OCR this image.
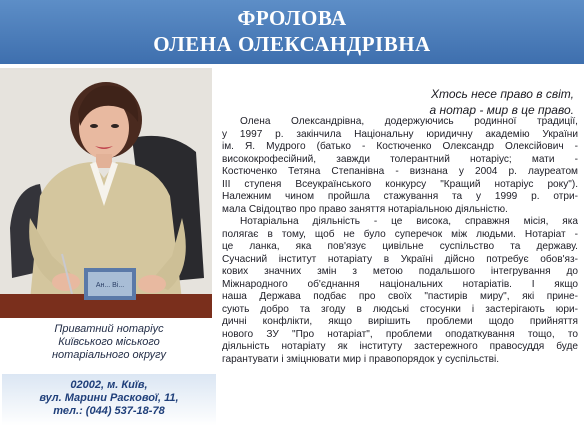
ФРОЛОВА
ОЛЕНА ОЛЕКСАНДРІВНА
Ан... Ві...
Приватний нотаріус
Київського міського
нотаріального округу
02002, м. Київ,
вул. Марини Раскової, 11,
тел.: (044) 537-18-78
Хтось несе право в світ,
а нотар - мир в це право.
Олена Олександрівна, додержуючись родинної традиції,
у 1997 р. закінчила Національну юридичну академію України
ім. Я. Мудрого (батько - Костюченко Олександр Олексійович -
висококрофесійний, завжди толерантний нотаріус; мати -
Костюченко Тетяна Степанівна - визнана у 2004 р. лауреатом
III ступеня Всеукраїнського конкурсу "Кращий нотаріус року").
Належним чином пройшла стажування та у 1999 р. отри-
мала Свідоцтво про право заняття нотаріальною діяльністю.
Нотаріальна діяльність - це висока, справжня місія, яка
полягає в тому, щоб не було суперечок між людьми. Нотаріат -
це ланка, яка пов'язує цивільне суспільство та державу.
Сучасний інститут нотаріату в Україні дійсно потребує обов'яз-
кових значних змін з метою подальшого інтегрування до
Міжнародного об'єднання національних нотаріатів. І якщо
наша Держава подбає про своїх "пастирів миру", які прине-
сують добро та згоду в людські стосунки і застерігають юри-
дичні конфлікти, якщо вирішить проблеми щодо прийняття
нового ЗУ "Про нотаріат", проблеми оподаткування тощо, то
діяльність нотаріату як інституту застережного правосуддя буде
гарантувати і зміцнювати мир і правопорядок у суспільстві.
